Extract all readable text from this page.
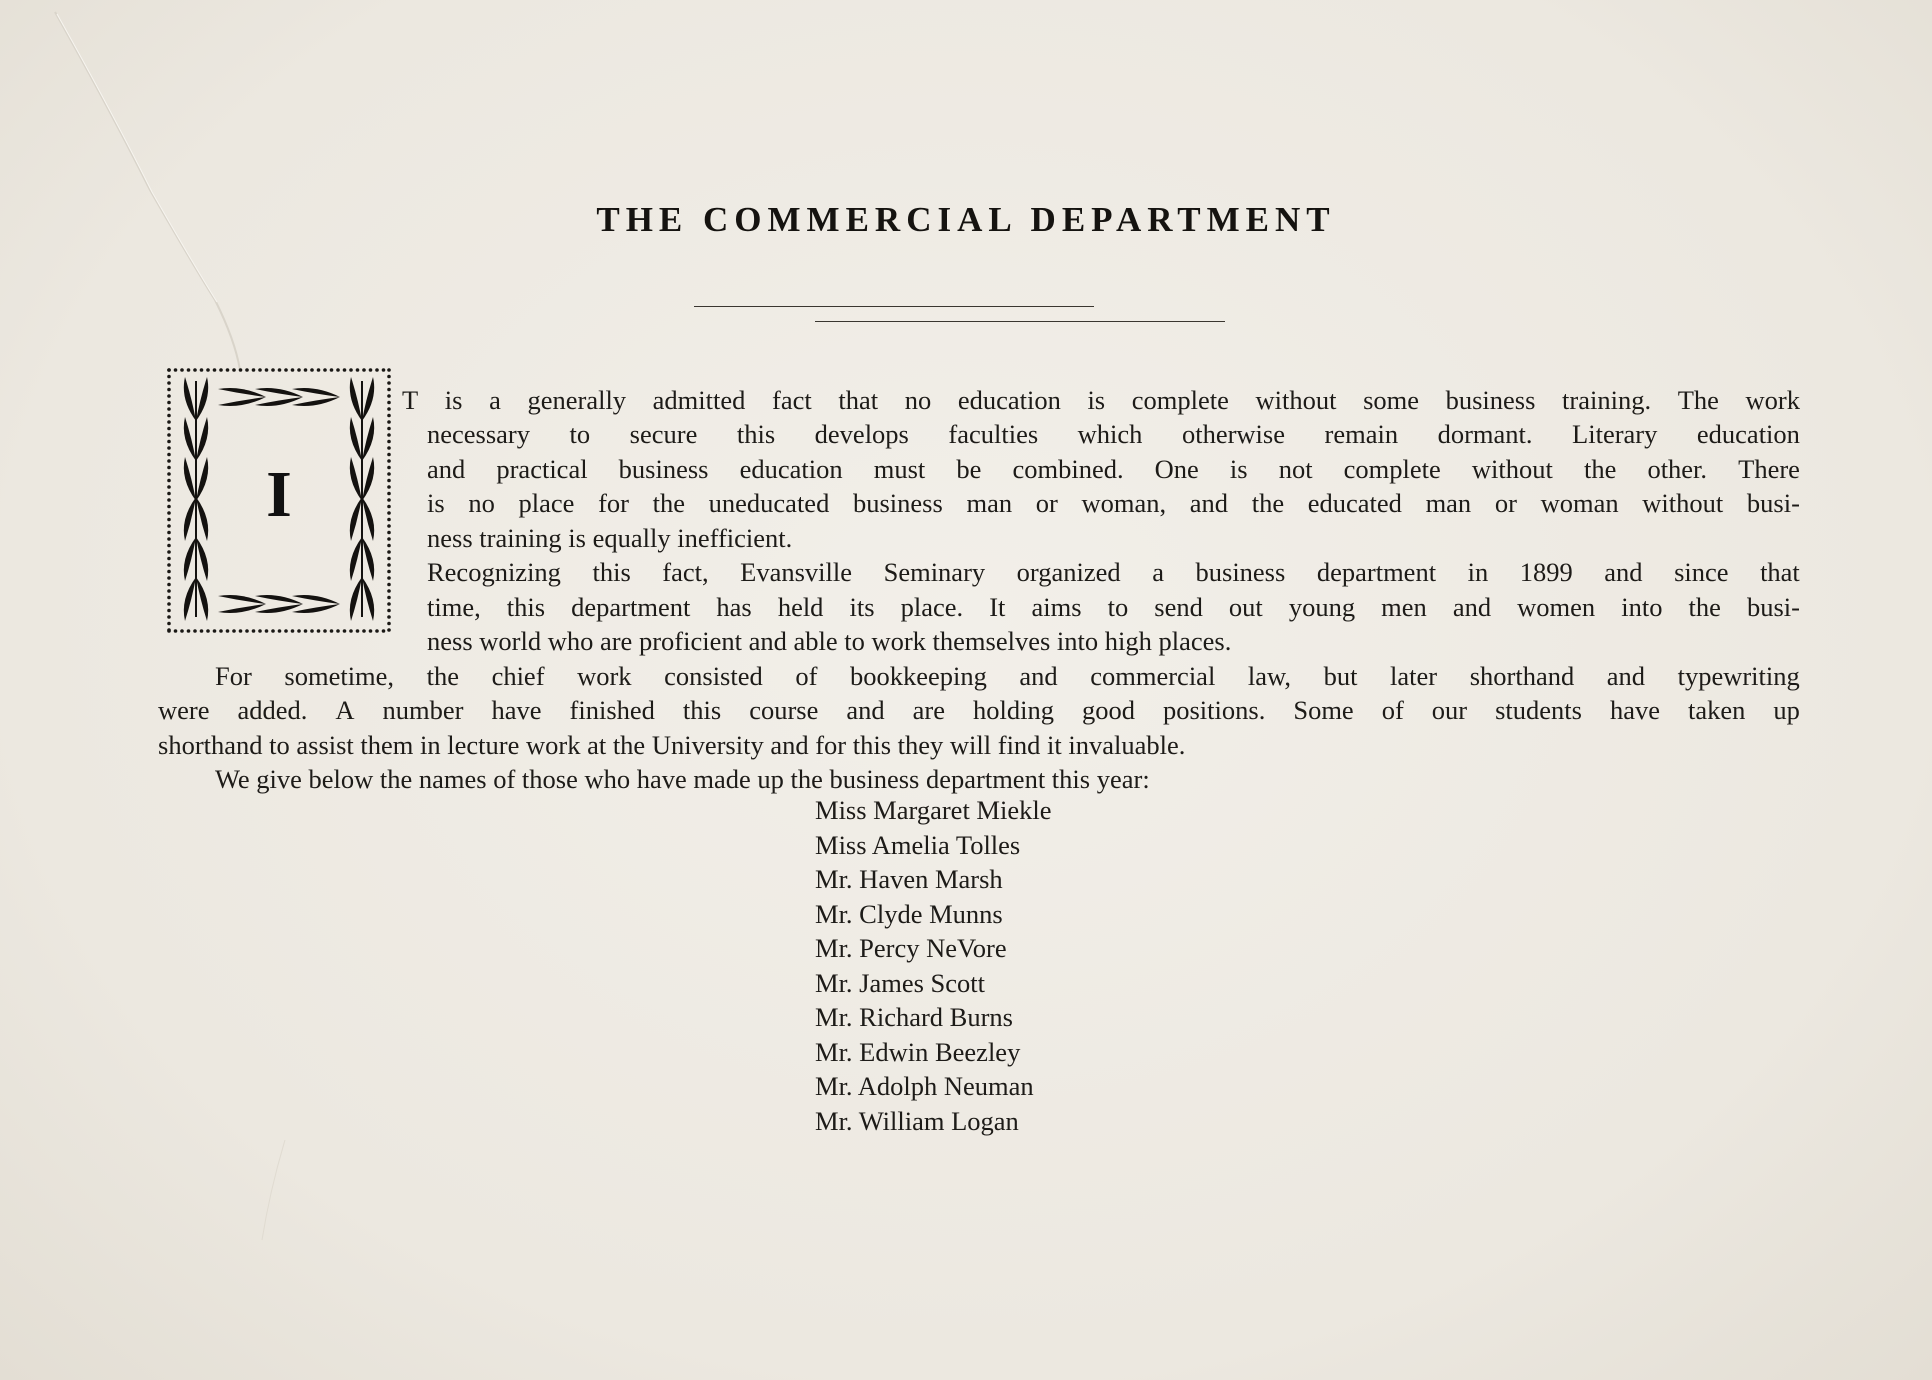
THE COMMERCIAL DEPARTMENT
I
T is a generally admitted fact that no education is complete without some business training. The work
necessary to secure this develops faculties which otherwise remain dormant. Literary education
and practical business education must be combined. One is not complete without the other. There
is no place for the uneducated business man or woman, and the educated man or woman without busi-
ness training is equally inefficient.
Recognizing this fact, Evansville Seminary organized a business department in 1899 and since that
time, this department has held its place. It aims to send out young men and women into the busi-
ness world who are proficient and able to work themselves into high places.
For sometime, the chief work consisted of bookkeeping and commercial law, but later shorthand and typewriting
were added. A number have finished this course and are holding good positions. Some of our students have taken up
shorthand to assist them in lecture work at the University and for this they will find it invaluable.
We give below the names of those who have made up the business department this year:
Miss Margaret Miekle
Miss Amelia Tolles
Mr. Haven Marsh
Mr. Clyde Munns
Mr. Percy NeVore
Mr. James Scott
Mr. Richard Burns
Mr. Edwin Beezley
Mr. Adolph Neuman
Mr. William Logan
